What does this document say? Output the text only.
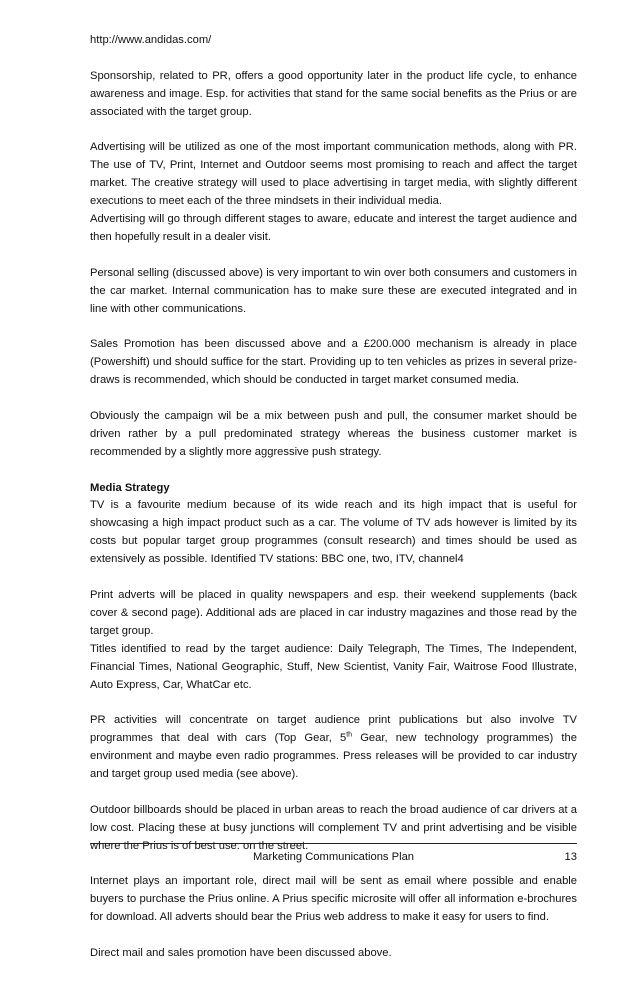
http://www.andidas.com/

Sponsorship, related to PR, offers a good opportunity later in the product life cycle, to enhance awareness and image. Esp. for activities that stand for the same social benefits as the Prius or are associated with the target group.

Advertising will be utilized as one of the most important communication methods, along with PR. The use of TV, Print, Internet and Outdoor seems most promising to reach and affect the target market. The creative strategy will used to place advertising in target media, with slightly different executions to meet each of the three mindsets in their individual media.

Advertising will go through different stages to aware, educate and interest the target audience and then hopefully result in a dealer visit.

Personal selling (discussed above) is very important to win over both consumers and customers in the car market. Internal communication has to make sure these are executed integrated and in line with other communications.

Sales Promotion has been discussed above and a £200.000 mechanism is already in place (Powershift) und should suffice for the start. Providing up to ten vehicles as prizes in several prize-draws is recommended, which should be conducted in target market consumed media.

Obviously the campaign wil be a mix between push and pull, the consumer market should be driven rather by a pull predominated strategy whereas the business customer market is recommended by a slightly more aggressive push strategy.

Media Strategy

TV is a favourite medium because of its wide reach and its high impact that is useful for showcasing a high impact product such as a car. The volume of TV ads however is limited by its costs but popular target group programmes (consult research) and times should be used as extensively as possible. Identified TV stations: BBC one, two, ITV, channel4

Print adverts will be placed in quality newspapers and esp. their weekend supplements (back cover & second page). Additional ads are placed in car industry magazines and those read by the target group.

Titles identified to read by the target audience: Daily Telegraph, The Times, The Independent, Financial Times, National Geographic, Stuff, New Scientist, Vanity Fair, Waitrose Food Illustrate, Auto Express, Car, WhatCar etc.

PR activities will concentrate on target audience print publications but also involve TV programmes that deal with cars (Top Gear, 5th Gear, new technology programmes) the environment and maybe even radio programmes. Press releases will be provided to car industry and target group used media (see above).

Outdoor billboards should be placed in urban areas to reach the broad audience of car drivers at a low cost. Placing these at busy junctions will complement TV and print advertising and be visible where the Prius is of best use: on the street.

Internet plays an important role, direct mail will be sent as email where possible and enable buyers to purchase the Prius online. A Prius specific microsite will offer all information e-brochures for download. All adverts should bear the Prius web address to make it easy for users to find.

Direct mail and sales promotion have been discussed above.

Marketing Communications Plan	13
